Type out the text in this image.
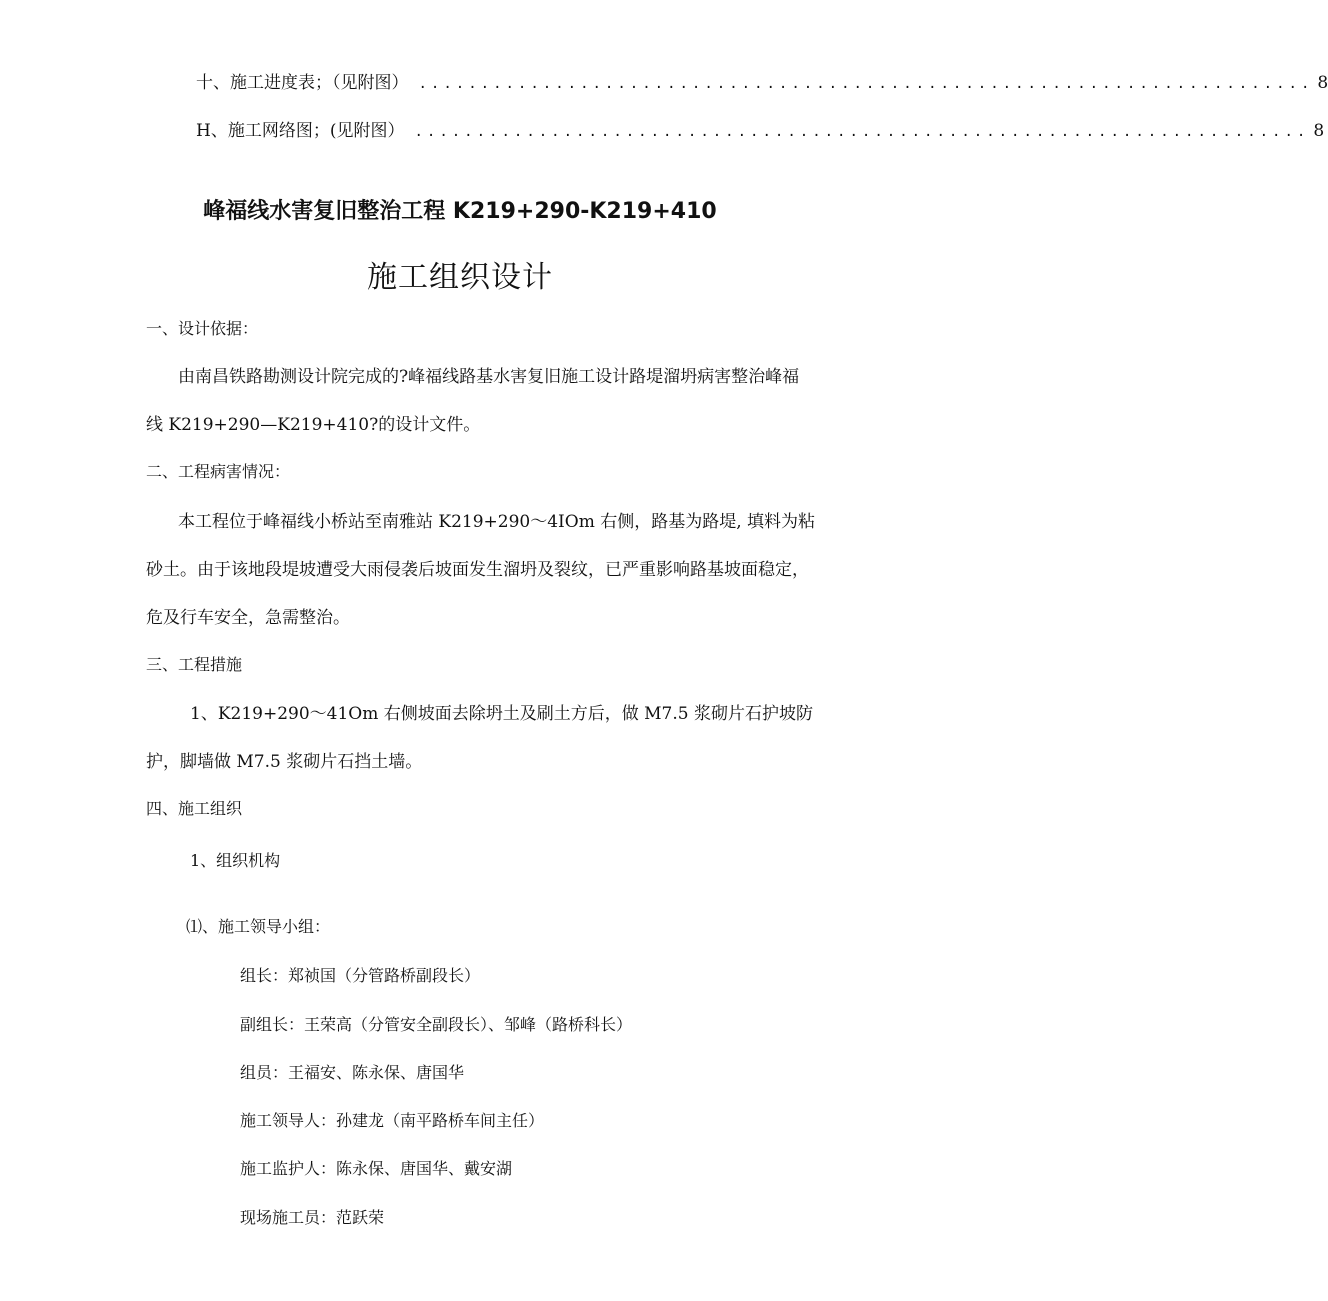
十、施工进度表；（见附图） ........................................................................ 8
H、施工网络图；(见附图） ........................................................................ 8
峰福线水害复旧整治工程 K219+290-K219+410
施工组织设计
一、设计依据：
由南昌铁路勘测设计院完成的?峰福线路基水害复旧施工设计路堤溜坍病害整治峰福
线 K219+290—K219+410?的设计文件。
二、工程病害情况：
本工程位于峰福线小桥站至南雅站 K219+290～4IOm 右侧，路基为路堤, 填料为粘
砂土。由于该地段堤坡遭受大雨侵袭后坡面发生溜坍及裂纹，已严重影响路基坡面稳定，
危及行车安全，急需整治。
三、工程措施
1、K219+290～41Om 右侧坡面去除坍土及刷土方后，做 M7.5 浆砌片石护坡防
护，脚墙做 M7.5 浆砌片石挡土墙。
四、施工组织
1、组织机构
⑴、施工领导小组：
组长：郑祯国（分管路桥副段长）
副组长：王荣高（分管安全副段长）、邹峰（路桥科长）
组员：王福安、陈永保、唐国华
施工领导人：孙建龙（南平路桥车间主任）
施工监护人：陈永保、唐国华、戴安湖
现场施工员：范跃荣
